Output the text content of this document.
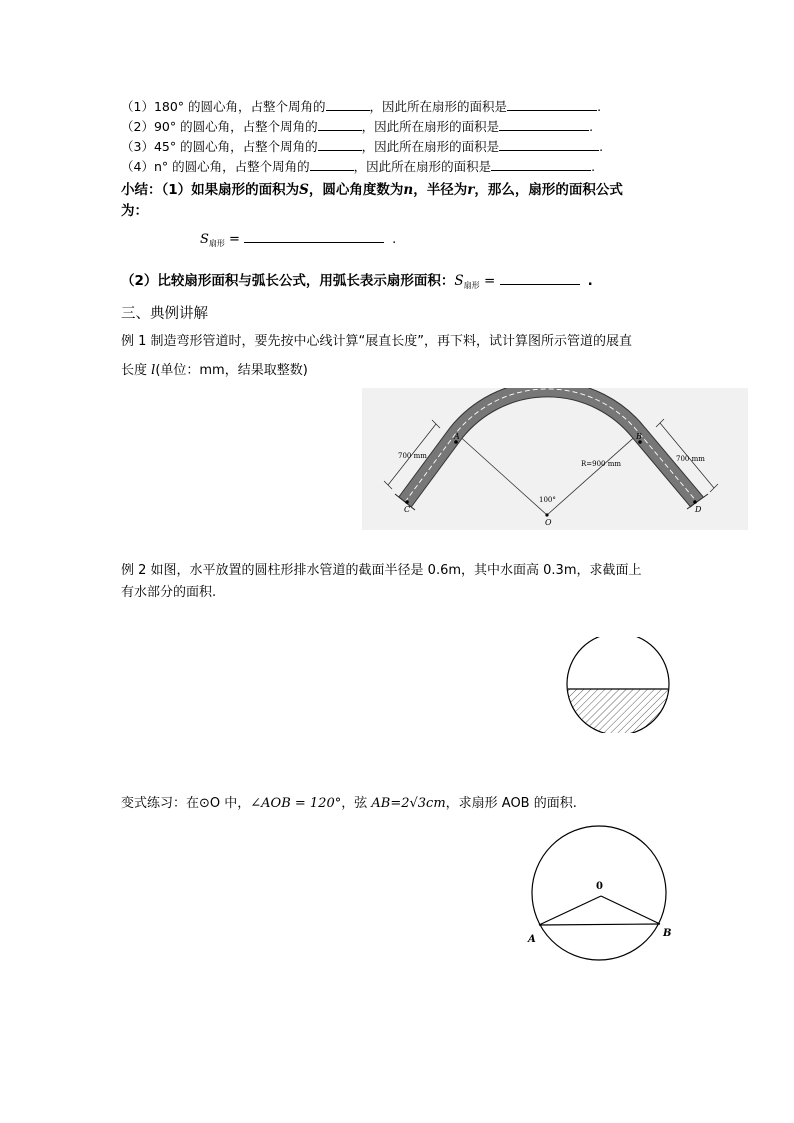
（1）180° 的圆心角，占整个周角的	，因此所在扇形的面积是	.
（2）90° 的圆心角，占整个周角的	，因此所在扇形的面积是	.
（3）45° 的圆心角，占整个周角的	，因此所在扇形的面积是	.
（4）n° 的圆心角，占整个周角的	，因此所在扇形的面积是	.
小结：（1）如果扇形的面积为S，圆心角度数为n，半径为r，那么，扇形的面积公式
为：
$S_{扇形}$ =	.
（2）比较扇形面积与弧长公式，用弧长表示扇形面积：$S_{扇形}$ =	.
三、典例讲解
例 1 制造弯形管道时，要先按中心线计算“展直长度”，再下料，试计算图所示管道的展直
长度 l(单位：mm，结果取整数)
A	B
C	D
O
700 mm	700 mm
R=900 mm
100°
例 2 如图，水平放置的圆柱形排水管道的截面半径是 0.6m，其中水面高 0.3m，求截面上
有水部分的面积.
变式练习：在⊙O 中，∠AOB = 120°，弦 AB=2√3cm，求扇形 AOB 的面积.
0
A
B
